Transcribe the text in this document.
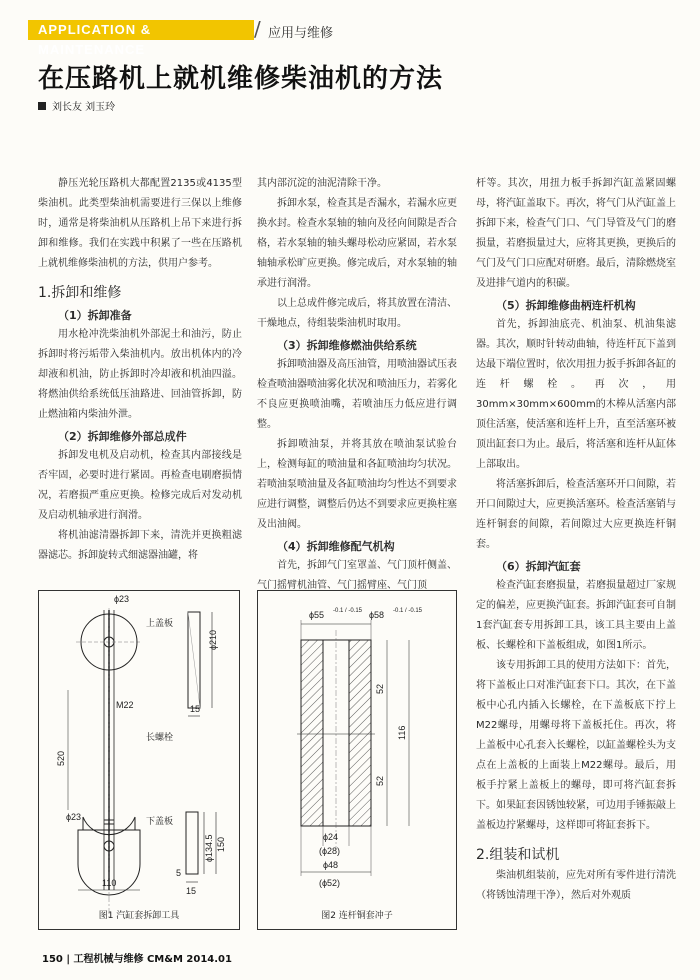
APPLICATION & MAINTENANCE
/ 应用与维修
在压路机上就机维修柴油机的方法
刘长友 刘玉玲

静压光轮压路机大都配置2135或4135型柴油机。此类型柴油机需要进行三保以上维修时，通常是将柴油机从压路机上吊下来进行拆卸和维修。我们在实践中积累了一些在压路机上就机维修柴油机的方法，供用户参考。

1.拆卸和维修
（1）拆卸准备

用水枪冲洗柴油机外部泥土和油污，防止拆卸时将污垢带入柴油机内。放出机体内的冷却液和机油，防止拆卸时冷却液和机油四溢。将燃油供给系统低压油路进、回油管拆卸，防止燃油箱内柴油外泄。

（2）拆卸维修外部总成件

拆卸发电机及启动机，检查其内部接线是否牢固，必要时进行紧固。再检查电刷磨损情况，若磨损严重应更换。检修完成后对发动机及启动机轴承进行润滑。

将机油滤清器拆卸下来，清洗并更换粗滤器滤芯。拆卸旋转式细滤器油罐，将

其内部沉淀的油泥清除干净。

拆卸水泵，检查其是否漏水，若漏水应更换水封。检查水泵轴的轴向及径向间隙是否合格，若水泵轴的轴头螺母松动应紧固，若水泵轴轴承松旷应更换。修完成后，对水泵轴的轴承进行润滑。

以上总成件修完成后，将其放置在清洁、干燥地点，待组装柴油机时取用。

（3）拆卸维修燃油供给系统

拆卸喷油器及高压油管，用喷油器试压表检查喷油器喷油雾化状况和喷油压力，若雾化不良应更换喷油嘴，若喷油压力低应进行调整。

拆卸喷油泵，并将其放在喷油泵试验台上，检测每缸的喷油量和各缸喷油均匀状况。若喷油泵喷油量及各缸喷油均匀性达不到要求应进行调整，调整后仍达不到要求应更换柱塞及出油阀。

（4）拆卸维修配气机构

首先，拆卸气门室罩盖、气门顶杆侧盖、气门摇臂机油管、气门摇臂座、气门顶

杆等。其次，用扭力板手拆卸汽缸盖紧固螺母，将汽缸盖取下。再次，将气门从汽缸盖上拆卸下来，检查气门口、气门导管及气门的磨损量，若磨损量过大，应将其更换，更换后的气门及气门口应配对研磨。最后，清除燃烧室及进排气道内的积碳。

（5）拆卸维修曲柄连杆机构

首先，拆卸油底壳、机油泵、机油集滤器。其次，顺时针转动曲轴，待连杆瓦下盖到达最下端位置时，依次用扭力扳手拆卸各缸的连杆螺栓。再次，用30mm×30mm×600mm的木棒从活塞内部顶住活塞，使活塞和连杆上升，直至活塞环被顶出缸套口为止。最后，将活塞和连杆从缸体上部取出。

将活塞拆卸后，检查活塞环开口间隙，若开口间隙过大，应更换活塞环。检查活塞销与连杆铜套的间隙，若间隙过大应更换连杆铜套。

（6）拆卸汽缸套

检查汽缸套磨损量，若磨损量超过厂家规定的偏差，应更换汽缸套。拆卸汽缸套可自制1套汽缸套专用拆卸工具，该工具主要由上盖板、长螺栓和下盖板组成，如图1所示。

该专用拆卸工具的使用方法如下：首先，将下盖板止口对准汽缸套下口。其次，在下盖板中心孔内插入长螺栓，在下盖板底下拧上M22螺母，用螺母将下盖板托住。再次，将上盖板中心孔套入长螺栓，以缸盖螺栓头为支点在上盖板的上面装上M22螺母。最后，用板手拧紧上盖板上的螺母，即可将汽缸套拆下。如果缸套因锈蚀较紧，可边用手锤振敲上盖板边拧紧螺母，这样即可将缸套拆下。

2.组装和试机

柴油机组装前，应先对所有零件进行清洗（将锈蚀清理干净），然后对外观质

ϕ23
上盖板
ϕ210
15
M22
长螺栓
520
ϕ23	下盖板
ϕ134.5 150
5
15
110
图1 汽缸套拆卸工具
ϕ55 -0.1 / -0.15 ϕ58 -0.1 / -0.15
52
52
116
ϕ24
(ϕ28)
ϕ48
(ϕ52)
图2 连杆铜套冲子
150 | 工程机械与维修 CM&M 2014.01
